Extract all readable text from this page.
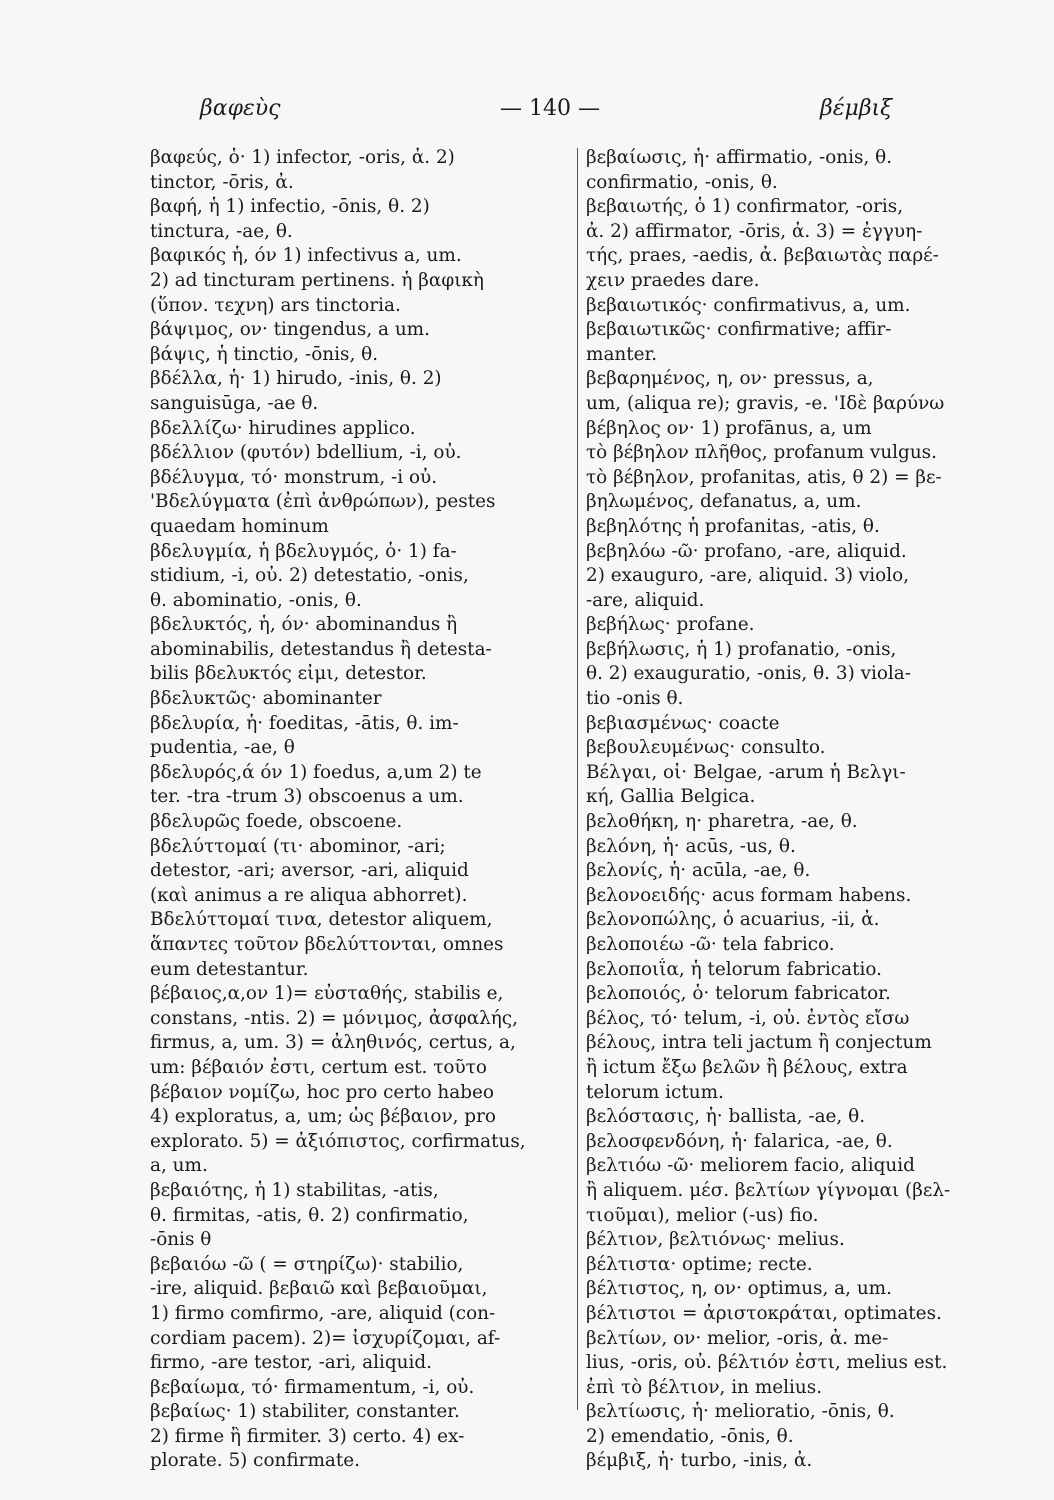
βαφεὺς	— 140 —	βέμβιξ
βαφεύς, ὁ· 1) infector, -oris, ἀ. 2)
tinctor, -ōris, ἀ.
βαφή, ἡ 1) infectio, -ōnis, θ. 2)
tinctura, -ae, θ.
βαφικός ἡ, όν 1) infectivus a, um.
2) ad tincturam pertinens. ἡ βαφικὴ
(ὕπον. τεχνη) ars tinctoria.
βάψιμος, ον· tingendus, a um.
βάψις, ἡ tinctio, -ōnis, θ.
βδέλλα, ἡ· 1) hirudo, -inis, θ. 2)
sanguisūga, -ae θ.
βδελλίζω· hirudines applico.
βδέλλιον (φυτόν) bdellium, -i, οὐ.
βδέλυγμα, τό· monstrum, -i οὐ.
'Βδελύγματα (ἐπὶ ἀνθρώπων), pestes
quaedam hominum
βδελυγμία, ἡ βδελυγμός, ὁ· 1) fa-
stidium, -i, οὐ. 2) detestatio, -onis,
θ. abominatio, -onis, θ.
βδελυκτός, ἡ, όν· abominandus ἢ
abominabilis, detestandus ἢ detesta-
bilis βδελυκτός εἰμι, detestor.
βδελυκτῶς· abominanter
βδελυρία, ἡ· foeditas, -ātis, θ. im-
pudentia, -ae, θ
βδελυρός,ά όν 1) foedus, a,um 2) te
ter. -tra -trum 3) obscoenus a um.
βδελυρῶς foede, obscoene.
βδελύττομαί (τι· abominor, -ari;
detestor, -ari; aversor, -ari, aliquid
(καὶ animus a re aliqua abhorret).
Βδελύττομαί τινα, detestor aliquem,
ἅπαντες τοῦτον βδελύττονται, omnes
eum detestantur.
βέβαιος,α,ον 1)= εὐσταθής, stabilis e,
constans, -ntis. 2) = μόνιμος, ἀσφαλής,
firmus, a, um. 3) = ἀληθινός, certus, a,
um: βέβαιόν ἐστι, certum est. τοῦτο
βέβαιον νομίζω, hoc pro certo habeo
4) exploratus, a, um; ὡς βέβαιον, pro
explorato. 5) = ἀξιόπιστος, corfirmatus,
a, um.
βεβαιότης, ἡ 1) stabilitas, -atis,
θ. firmitas, -atis, θ. 2) confirmatio,
-ōnis θ
βεβαιόω -ῶ ( = στηρίζω)· stabilio,
-ire, aliquid. βεβαιῶ καὶ βεβαιοῦμαι,
1) firmo comfirmo, -are, aliquid (con-
cordiam pacem). 2)= ἰσχυρίζομαι, af-
firmo, -are testor, -ari, aliquid.
βεβαίωμα, τό· firmamentum, -i, οὐ.
βεβαίως· 1) stabiliter, constanter.
2) firme ἢ firmiter. 3) certo. 4) ex-
plorate. 5) confirmate.
βεβαίωσις, ἡ· affirmatio, -onis, θ.
confirmatio, -onis, θ.
βεβαιωτής, ὁ 1) confirmator, -oris,
ἀ. 2) affirmator, -ōris, ἀ. 3) = ἐγγυη-
τής, praes, -aedis, ἀ. βεβαιωτὰς παρέ-
χειν praedes dare.
βεβαιωτικός· confirmativus, a, um.
βεβαιωτικῶς· confirmative; affir-
manter.
βεβαρημένος, η, ον· pressus, a,
um, (aliqua re); gravis, -e. 'Ιδὲ βαρύνω
βέβηλος ον· 1) profānus, a, um
τὸ βέβηλον πλῆθος, profanum vulgus.
τὸ βέβηλον, profanitas, atis, θ 2) = βε-
βηλωμένος, defanatus, a, um.
βεβηλότης ἡ profanitas, -atis, θ.
βεβηλόω -ῶ· profano, -are, aliquid.
2) exauguro, -are, aliquid. 3) violo,
-are, aliquid.
βεβήλως· profane.
βεβήλωσις, ἡ 1) profanatio, -onis,
θ. 2) exauguratio, -onis, θ. 3) viola-
tio -onis θ.
βεβιασμένως· coacte
βεβουλευμένως· consulto.
Βέλγαι, οἱ· Belgae, -arum ἡ Βελγι-
κή, Gallia Belgica.
βελοθήκη, η· pharetra, -ae, θ.
βελόνη, ἡ· acūs, -us, θ.
βελονίς, ἡ· acūla, -ae, θ.
βελονοειδής· acus formam habens.
βελονοπώλης, ὁ acuarius, -ii, ἀ.
βελοποιέω -ῶ· tela fabrico.
βελοποιΐα, ἡ telorum fabricatio.
βελοποιός, ὁ· telorum fabricator.
βέλος, τό· telum, -i, οὐ. ἐντὸς εἴσω
βέλους, intra teli jactum ἢ conjectum
ἢ ictum ἔξω βελῶν ἢ βέλους, extra
telorum ictum.
βελόστασις, ἡ· ballista, -ae, θ.
βελοσφενδόνη, ἡ· falarica, -ae, θ.
βελτιόω -ῶ· meliorem facio, aliquid
ἢ aliquem. μέσ. βελτίων γίγνομαι (βελ-
τιοῦμαι), melior (-us) fio.
βέλτιον, βελτιόνως· melius.
βέλτιστα· optime; recte.
βέλτιστος, η, ον· optimus, a, um.
βέλτιστοι = ἀριστοκράται, optimates.
βελτίων, ον· melior, -oris, ἀ. me-
lius, -oris, οὐ. βέλτιόν ἐστι, melius est.
ἐπὶ τὸ βέλτιον, in melius.
βελτίωσις, ἡ· melioratio, -ōnis, θ.
2) emendatio, -ōnis, θ.
βέμβιξ, ἡ· turbo, -inis, ἀ.
